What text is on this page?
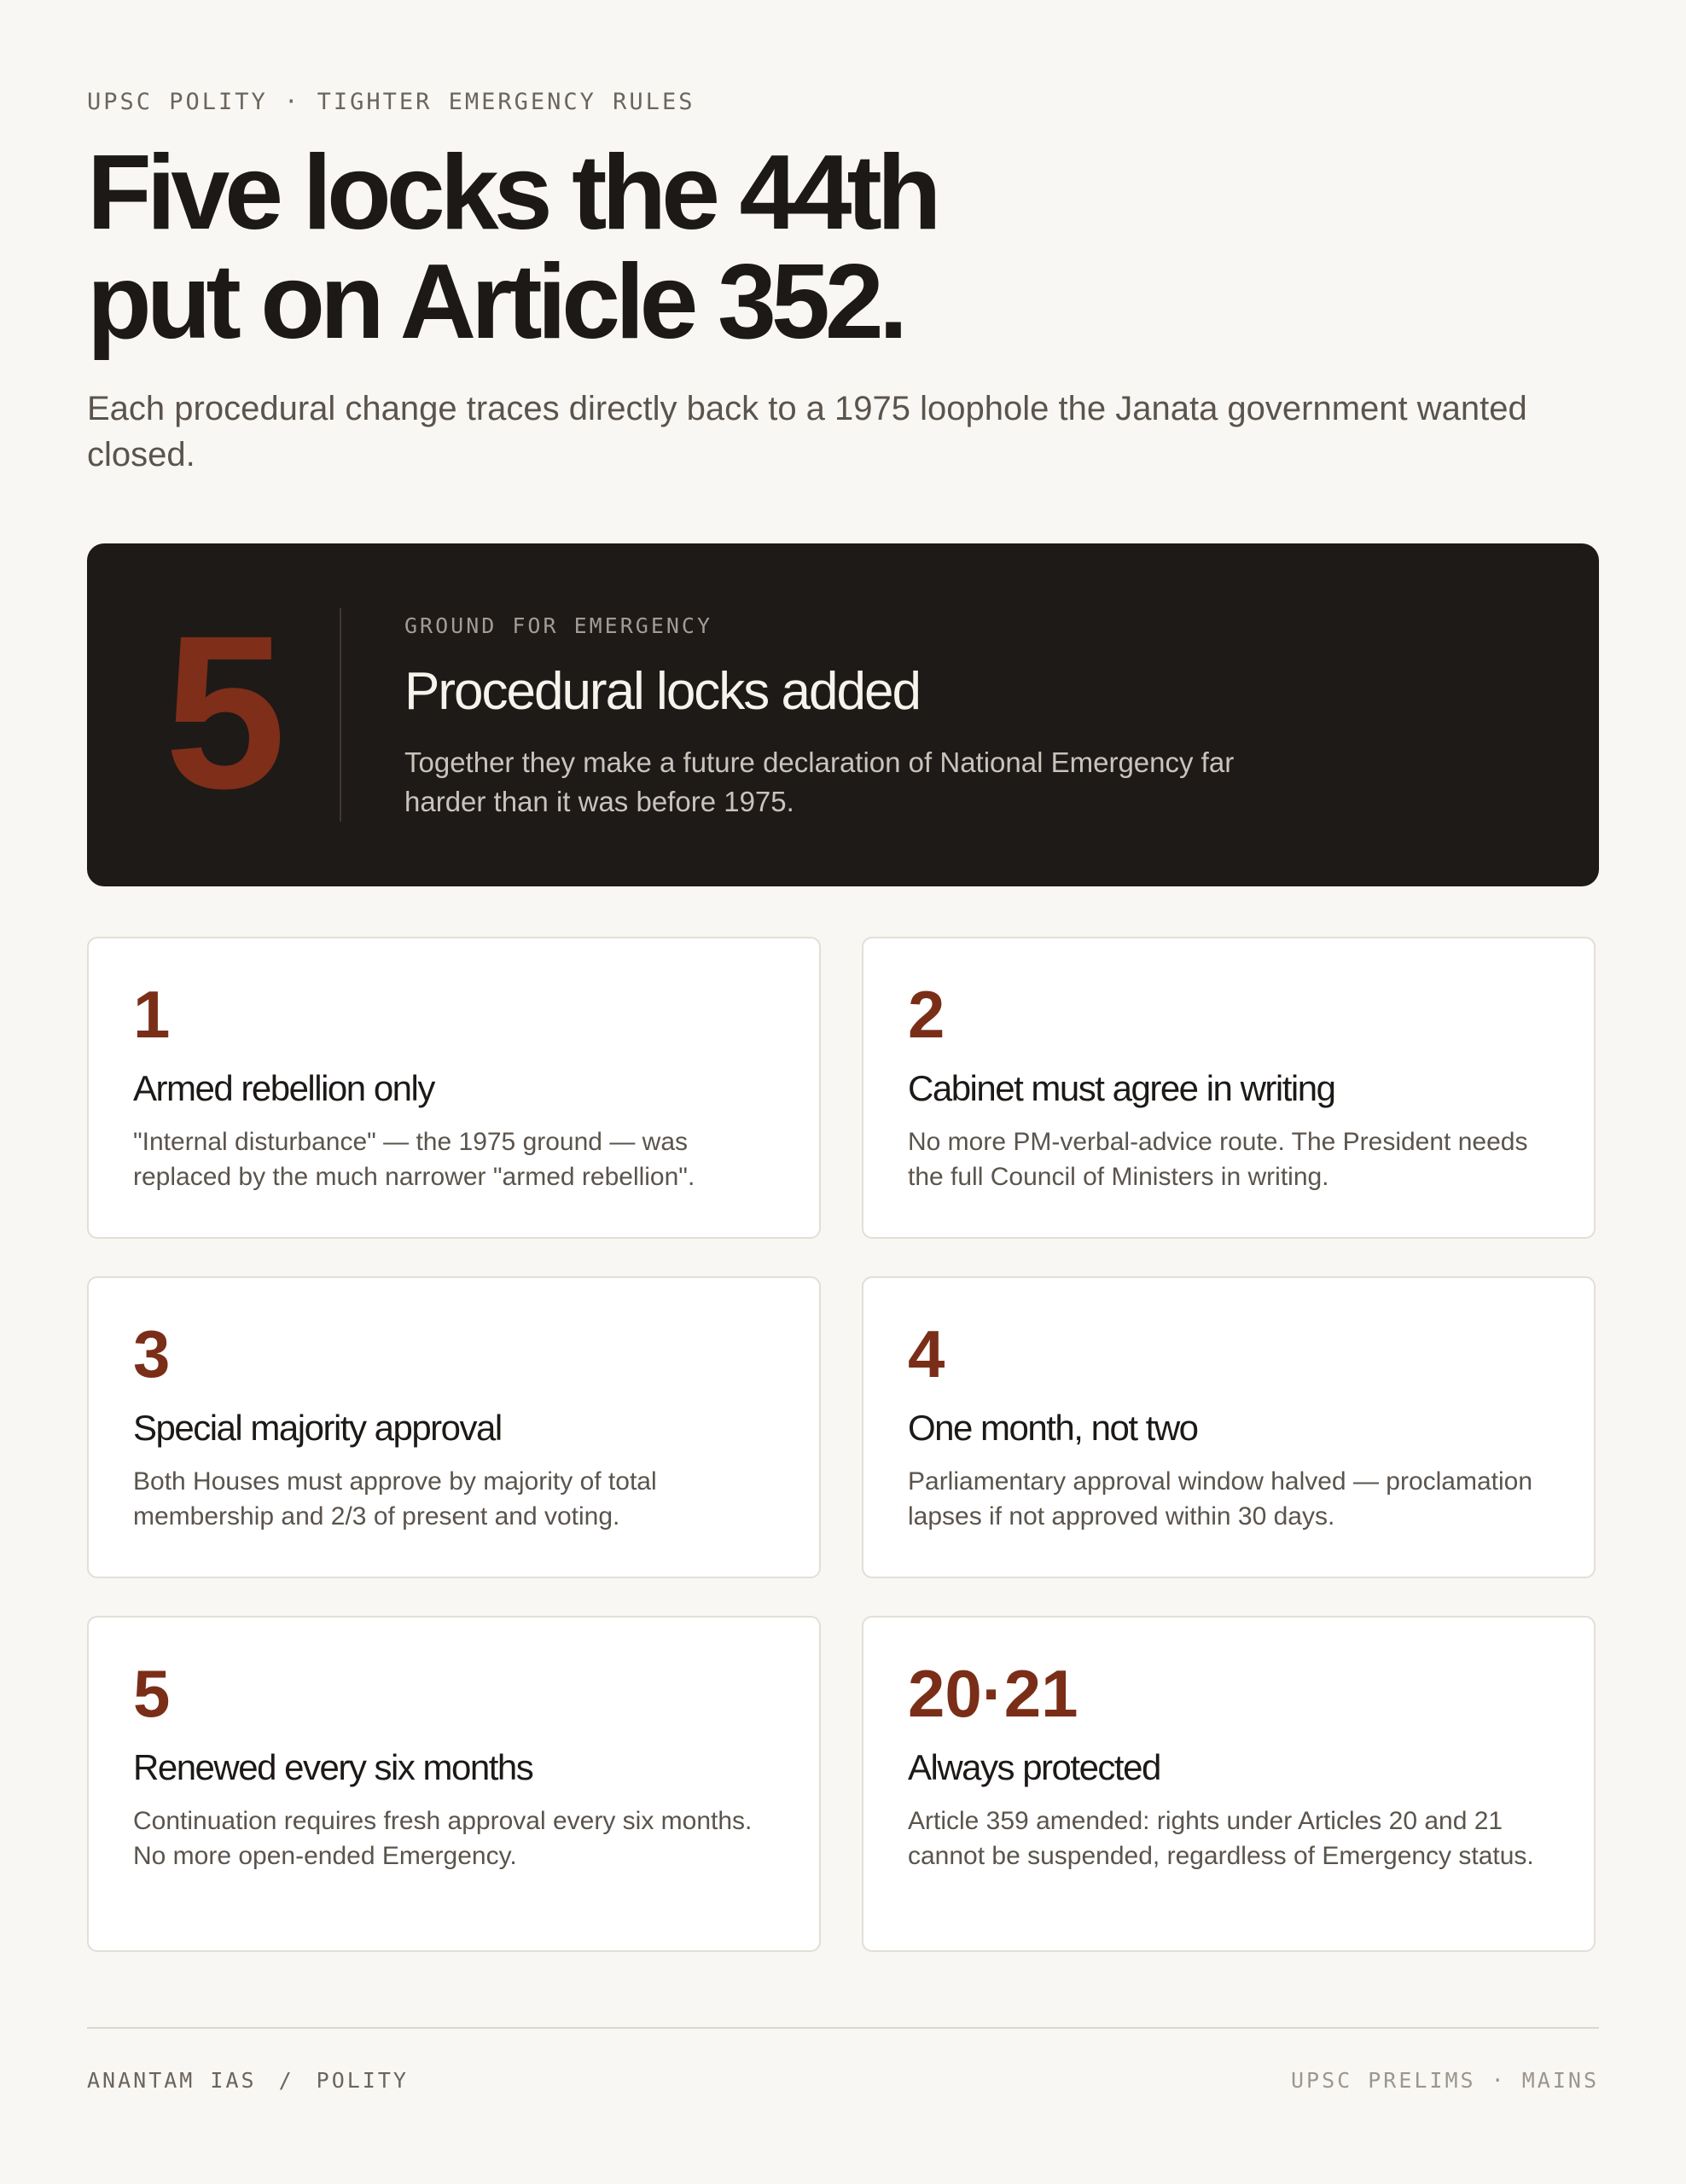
UPSC POLITY · TIGHTER EMERGENCY RULES
Five locks the 44th
put on Article 352.

Each procedural change traces directly back to a 1975 loophole the Janata government wanted closed.

5	GROUND FOR EMERGENCY
Procedural locks added
Together they make a future declaration of National Emergency far harder than it was before 1975.
1
Armed rebellion only
"Internal disturbance" — the 1975 ground — was replaced by the much narrower "armed rebellion".
2
Cabinet must agree in writing
No more PM-verbal-advice route. The President needs the full Council of Ministers in writing.
3
Special majority approval
Both Houses must approve by majority of total membership and 2/3 of present and voting.
4
One month, not two
Parliamentary approval window halved — proclamation lapses if not approved within 30 days.
5
Renewed every six months
Continuation requires fresh approval every six months. No more open-ended Emergency.
20·21
Always protected
Article 359 amended: rights under Articles 20 and 21 cannot be suspended, regardless of Emergency status.
ANANTAM IAS / POLITY	UPSC PRELIMS · MAINS
